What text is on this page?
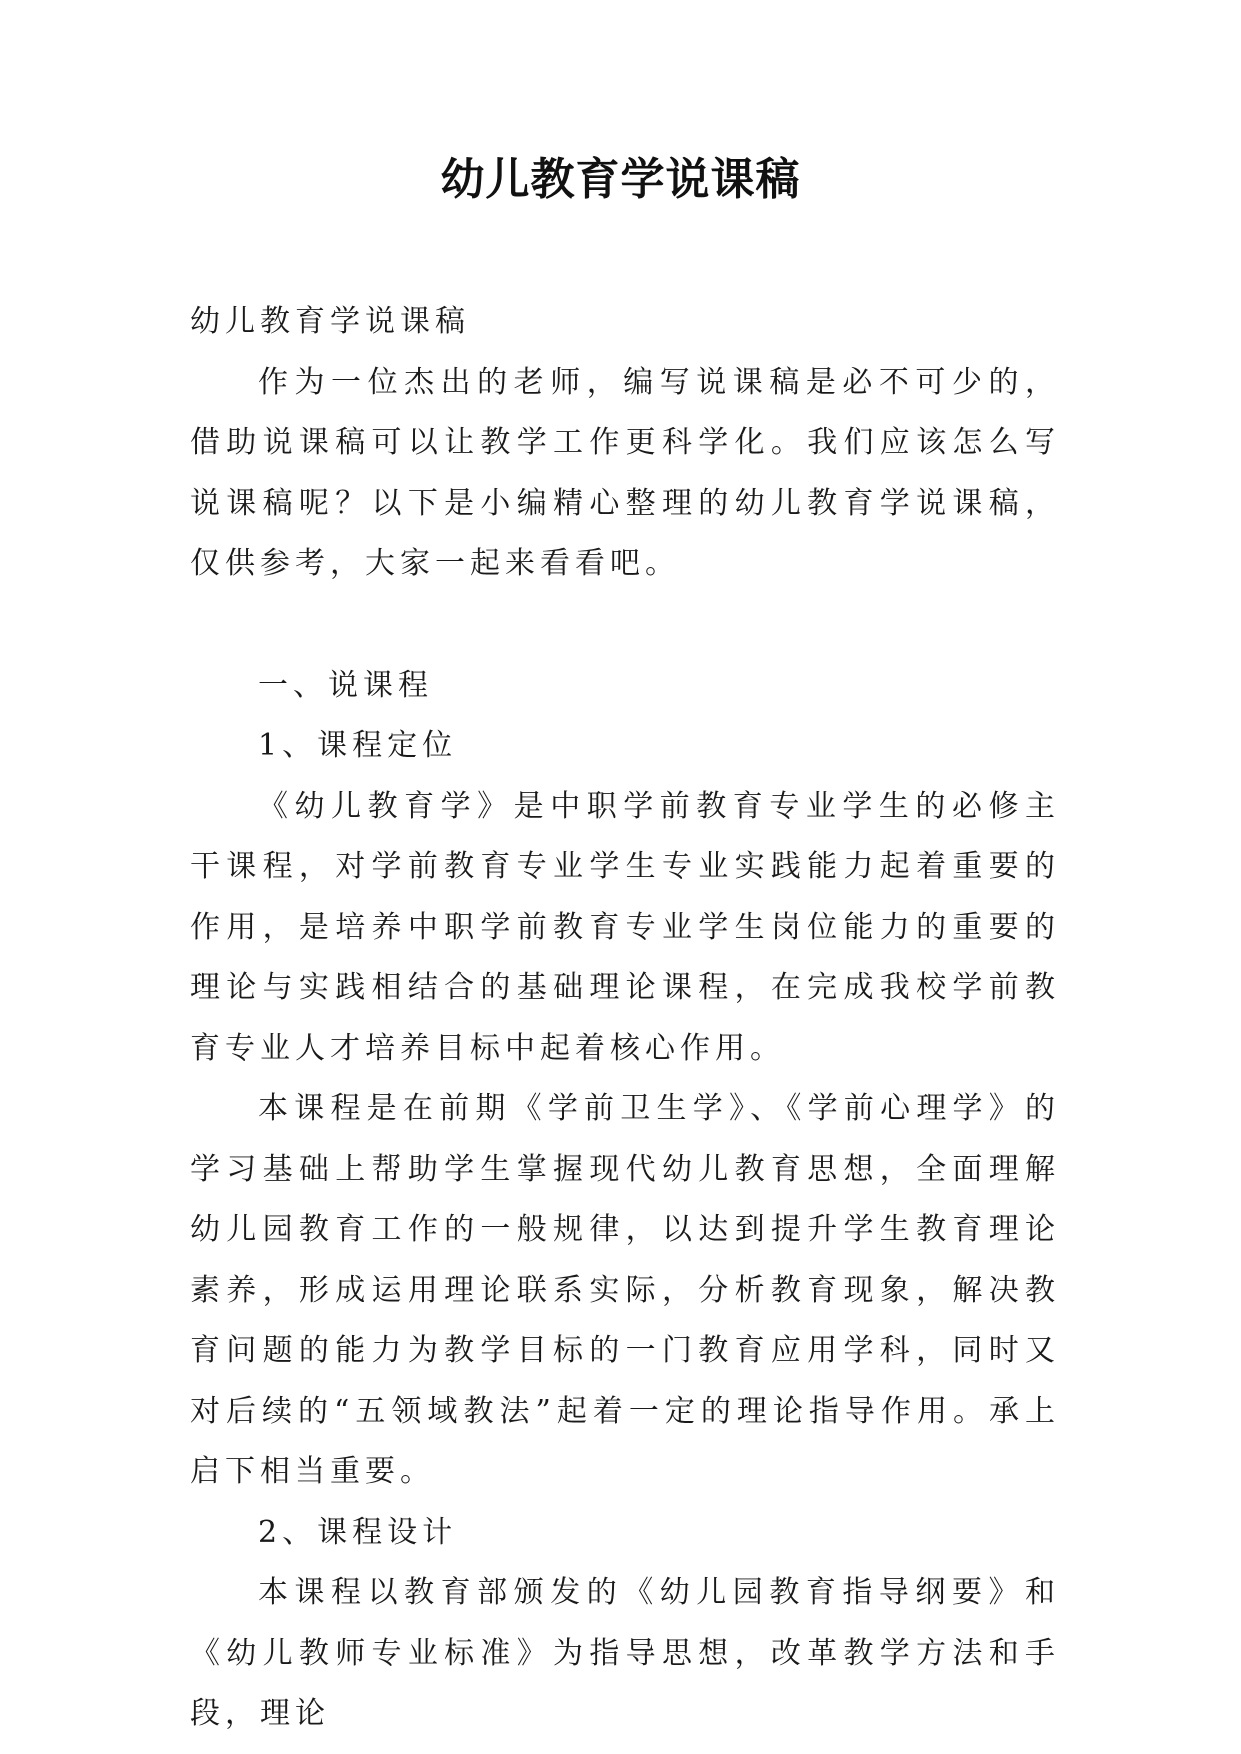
幼儿教育学说课稿

幼儿教育学说课稿

作为一位杰出的老师，编写说课稿是必不可少的，借助说课稿可以让教学工作更科学化。我们应该怎么写说课稿呢？以下是小编精心整理的幼儿教育学说课稿，仅供参考，大家一起来看看吧。

一、说课程

1、课程定位

《幼儿教育学》是中职学前教育专业学生的必修主干课程，对学前教育专业学生专业实践能力起着重要的作用，是培养中职学前教育专业学生岗位能力的重要的理论与实践相结合的基础理论课程，在完成我校学前教育专业人才培养目标中起着核心作用。

本课程是在前期《学前卫生学》、《学前心理学》的学习基础上帮助学生掌握现代幼儿教育思想，全面理解幼儿园教育工作的一般规律，以达到提升学生教育理论素养，形成运用理论联系实际，分析教育现象，解决教育问题的能力为教学目标的一门教育应用学科，同时又对后续的“五领域教法”起着一定的理论指导作用。承上启下相当重要。

2、课程设计

本课程以教育部颁发的《幼儿园教育指导纲要》和《幼儿教师专业标准》为指导思想，改革教学方法和手段，理论
